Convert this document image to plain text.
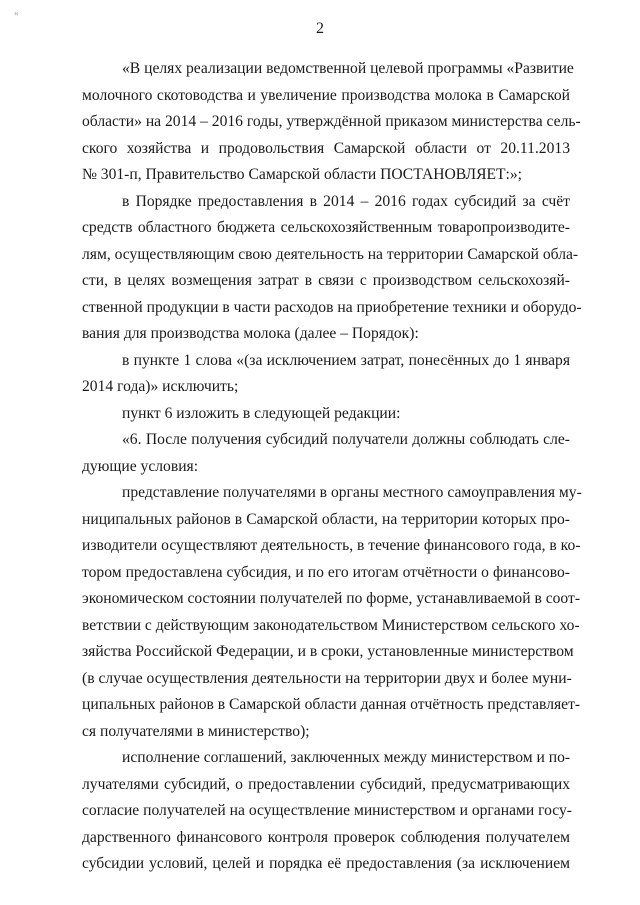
«
2

«В целях реализации ведомственной целевой программы «Развитие
молочного скотоводства и увеличение производства молока в Самарской
области» на 2014 – 2016 годы, утверждённой приказом министерства сель-
ского хозяйства и продовольствия Самарской области от 20.11.2013
№ 301-п, Правительство Самарской области ПОСТАНОВЛЯЕТ:»;

в Порядке предоставления в 2014 – 2016 годах субсидий за счёт
средств областного бюджета сельскохозяйственным товаропроизводите-
лям, осуществляющим свою деятельность на территории Самарской обла-
сти, в целях возмещения затрат в связи с производством сельскохозяй-
ственной продукции в части расходов на приобретение техники и оборудо-
вания для производства молока (далее – Порядок):

в пункте 1 слова «(за исключением затрат, понесённых до 1 января
2014 года)» исключить;

пункт 6 изложить в следующей редакции:

«6. После получения субсидий получатели должны соблюдать сле-
дующие условия:

представление получателями в органы местного самоуправления му-
ниципальных районов в Самарской области, на территории которых про-
изводители осуществляют деятельность, в течение финансового года, в ко-
тором предоставлена субсидия, и по его итогам отчётности о финансово-
экономическом состоянии получателей по форме, устанавливаемой в соот-
ветствии с действующим законодательством Министерством сельского хо-
зяйства Российской Федерации, и в сроки, установленные министерством
(в случае осуществления деятельности на территории двух и более муни-
ципальных районов в Самарской области данная отчётность представляет-
ся получателями в министерство);

исполнение соглашений, заключенных между министерством и по-
лучателями субсидий, о предоставлении субсидий, предусматривающих
согласие получателей на осуществление министерством и органами госу-
дарственного финансового контроля проверок соблюдения получателем
субсидии условий, целей и порядка её предоставления (за исключением
